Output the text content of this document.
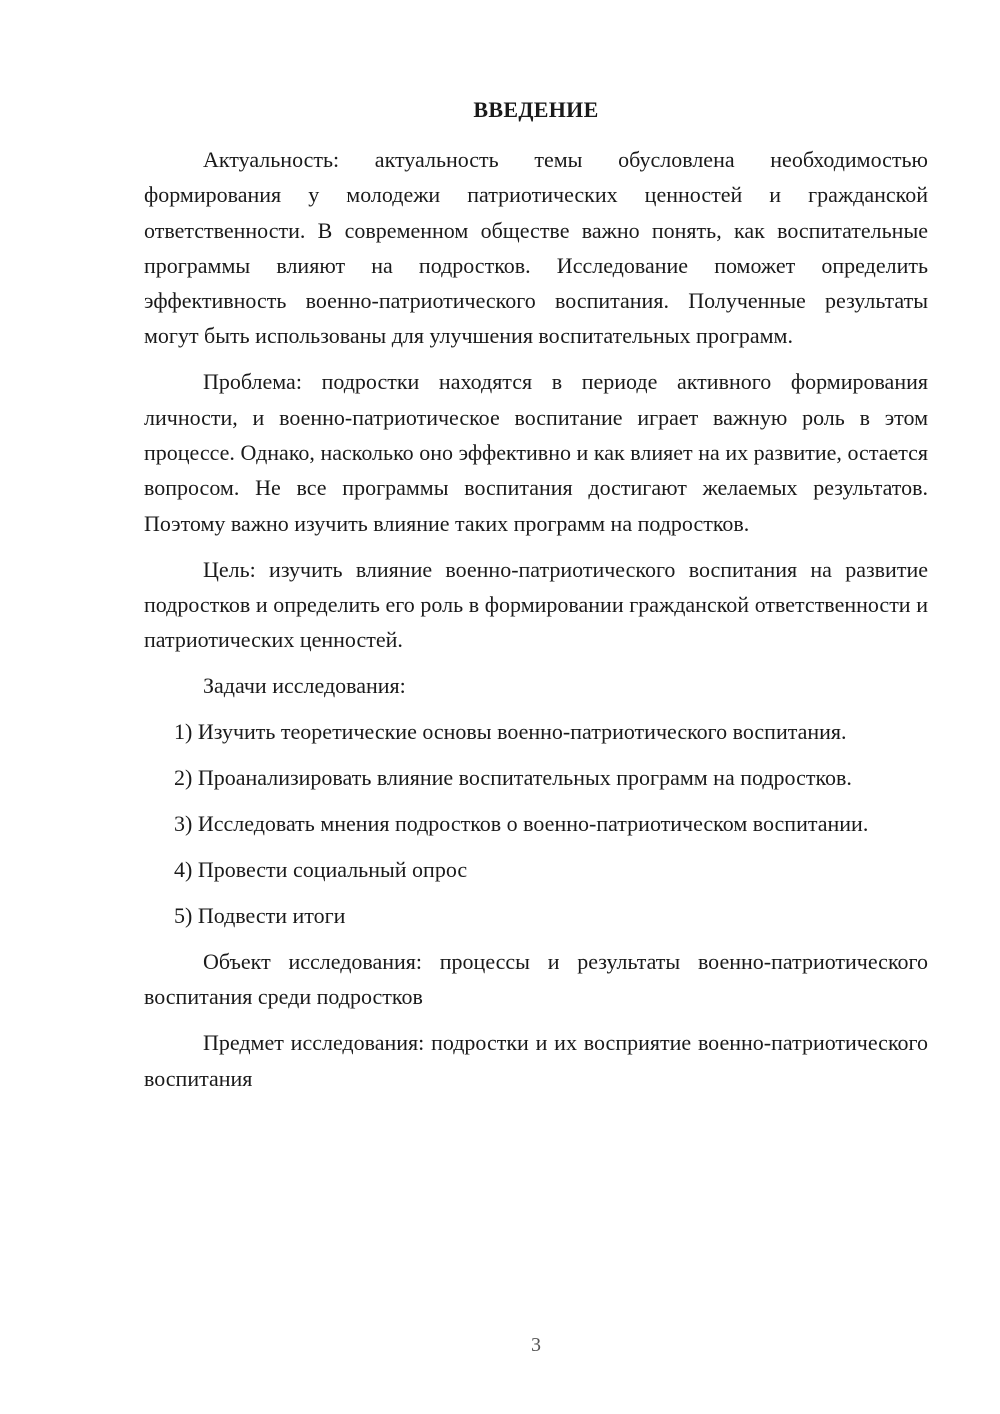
ВВЕДЕНИЕ

Актуальность: актуальность темы обусловлена необходимостью формирования у молодежи патриотических ценностей и гражданской ответственности. В современном обществе важно понять, как воспитательные программы влияют на подростков. Исследование поможет определить эффективность военно-патриотического воспитания. Полученные результаты могут быть использованы для улучшения воспитательных программ.

Проблема: подростки находятся в периоде активного формирования личности, и военно-патриотическое воспитание играет важную роль в этом процессе. Однако, насколько оно эффективно и как влияет на их развитие, остается вопросом. Не все программы воспитания достигают желаемых результатов. Поэтому важно изучить влияние таких программ на подростков.

Цель: изучить влияние военно-патриотического воспитания на развитие подростков и определить его роль в формировании гражданской ответственности и патриотических ценностей.

Задачи исследования:

1) Изучить теоретические основы военно-патриотического воспитания.

2) Проанализировать влияние воспитательных программ на подростков.

3) Исследовать мнения подростков о военно-патриотическом воспитании.

4) Провести социальный опрос

5) Подвести итоги

Объект исследования: процессы и результаты военно-патриотического воспитания среди подростков

Предмет исследования: подростки и их восприятие военно-патриотического воспитания

3
